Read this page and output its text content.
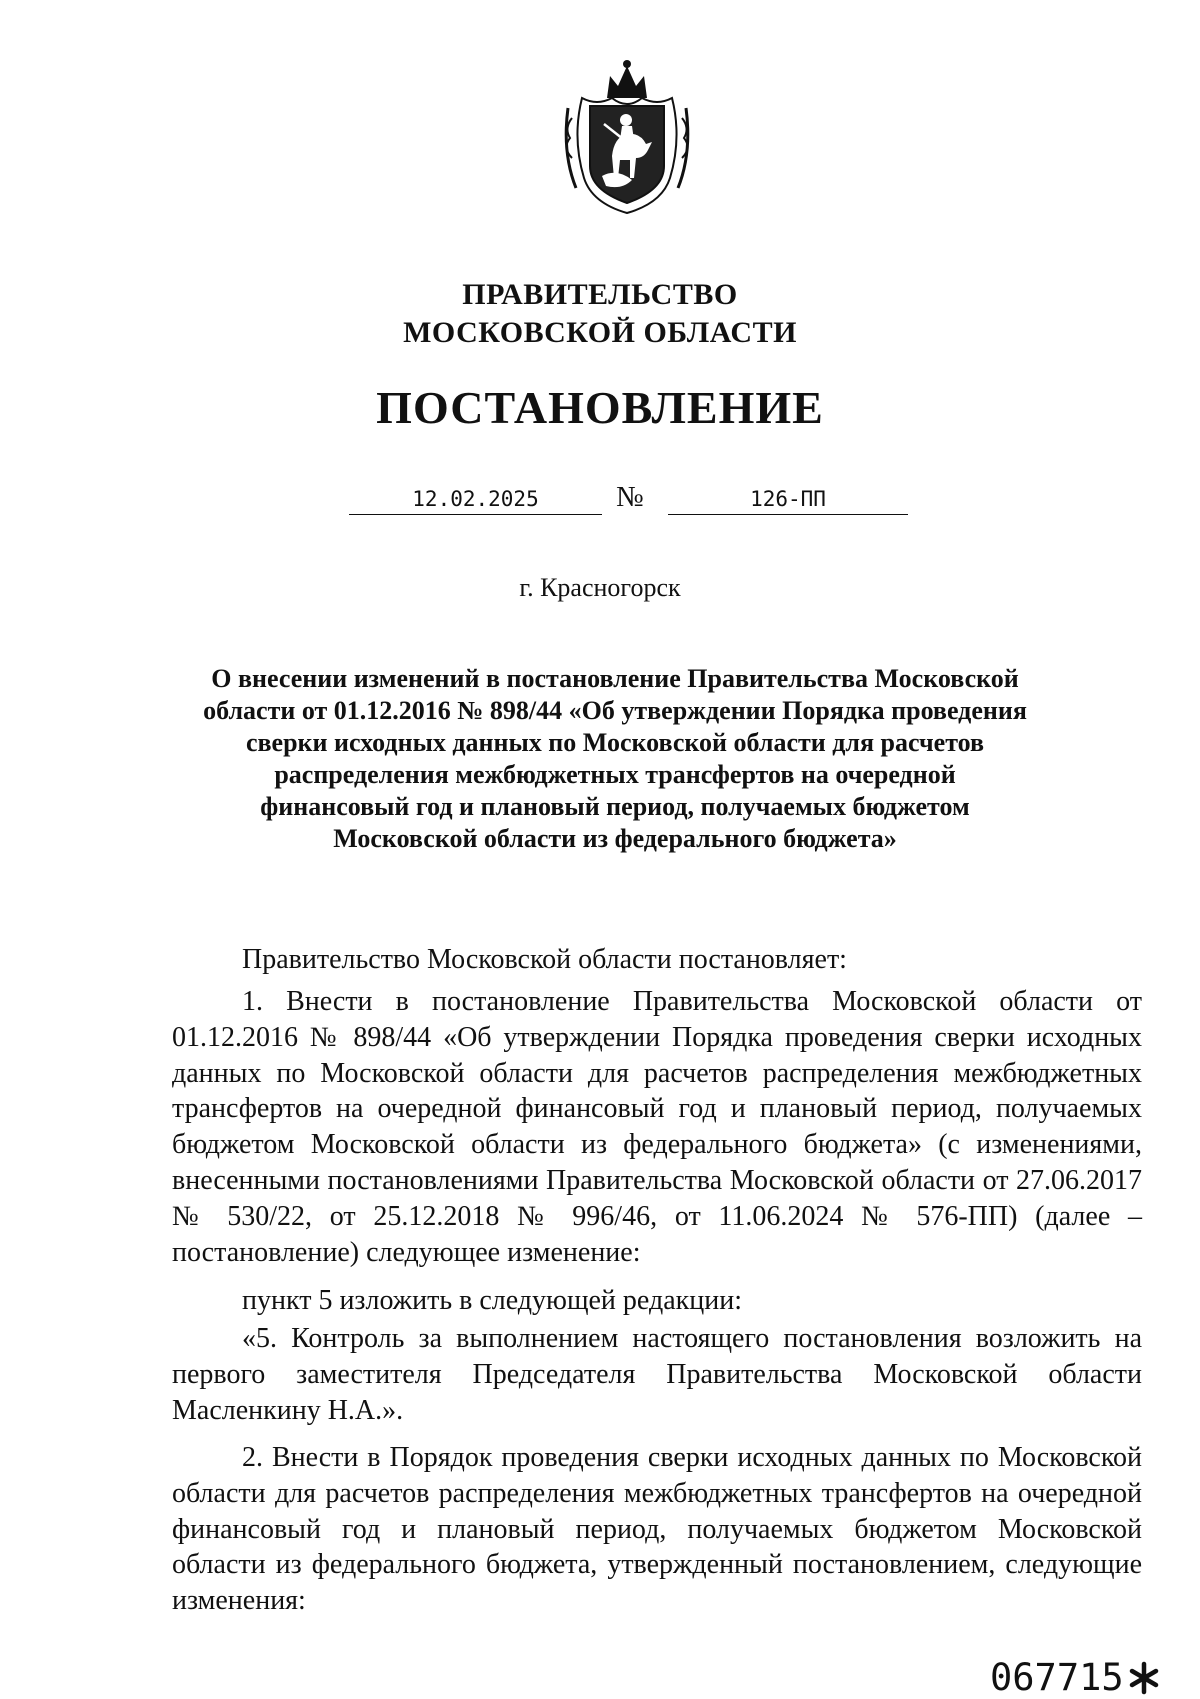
ПРАВИТЕЛЬСТВО
МОСКОВСКОЙ ОБЛАСТИ
ПОСТАНОВЛЕНИЕ
12.02.2025	№	126-ПП
г. Красногорск
О внесении изменений в постановление Правительства Московской
области от 01.12.2016 № 898/44 «Об утверждении Порядка проведения
сверки исходных данных по Московской области для расчетов
распределения межбюджетных трансфертов на очередной
финансовый год и плановый период, получаемых бюджетом
Московской области из федерального бюджета»

Правительство Московской области постановляет:

1. Внести в постановление Правительства Московской области от 01.12.2016 № 898/44 «Об утверждении Порядка проведения сверки исходных данных по Московской области для расчетов распределения межбюджетных трансфертов на очередной финансовый год и плановый период, получаемых бюджетом Московской области из федерального бюджета» (с изменениями, внесенными постановлениями Правительства Московской области от 27.06.2017 № 530/22, от 25.12.2018 № 996/46, от 11.06.2024 № 576-ПП) (далее – постановление) следующее изменение:

пункт 5 изложить в следующей редакции:

«5. Контроль за выполнением настоящего постановления возложить на первого заместителя Председателя Правительства Московской области Масленкину Н.А.».

2. Внести в Порядок проведения сверки исходных данных по Московской области для расчетов распределения межбюджетных трансфертов на очередной финансовый год и плановый период, получаемых бюджетом Московской области из федерального бюджета, утвержденный постановлением, следующие изменения:

067715
